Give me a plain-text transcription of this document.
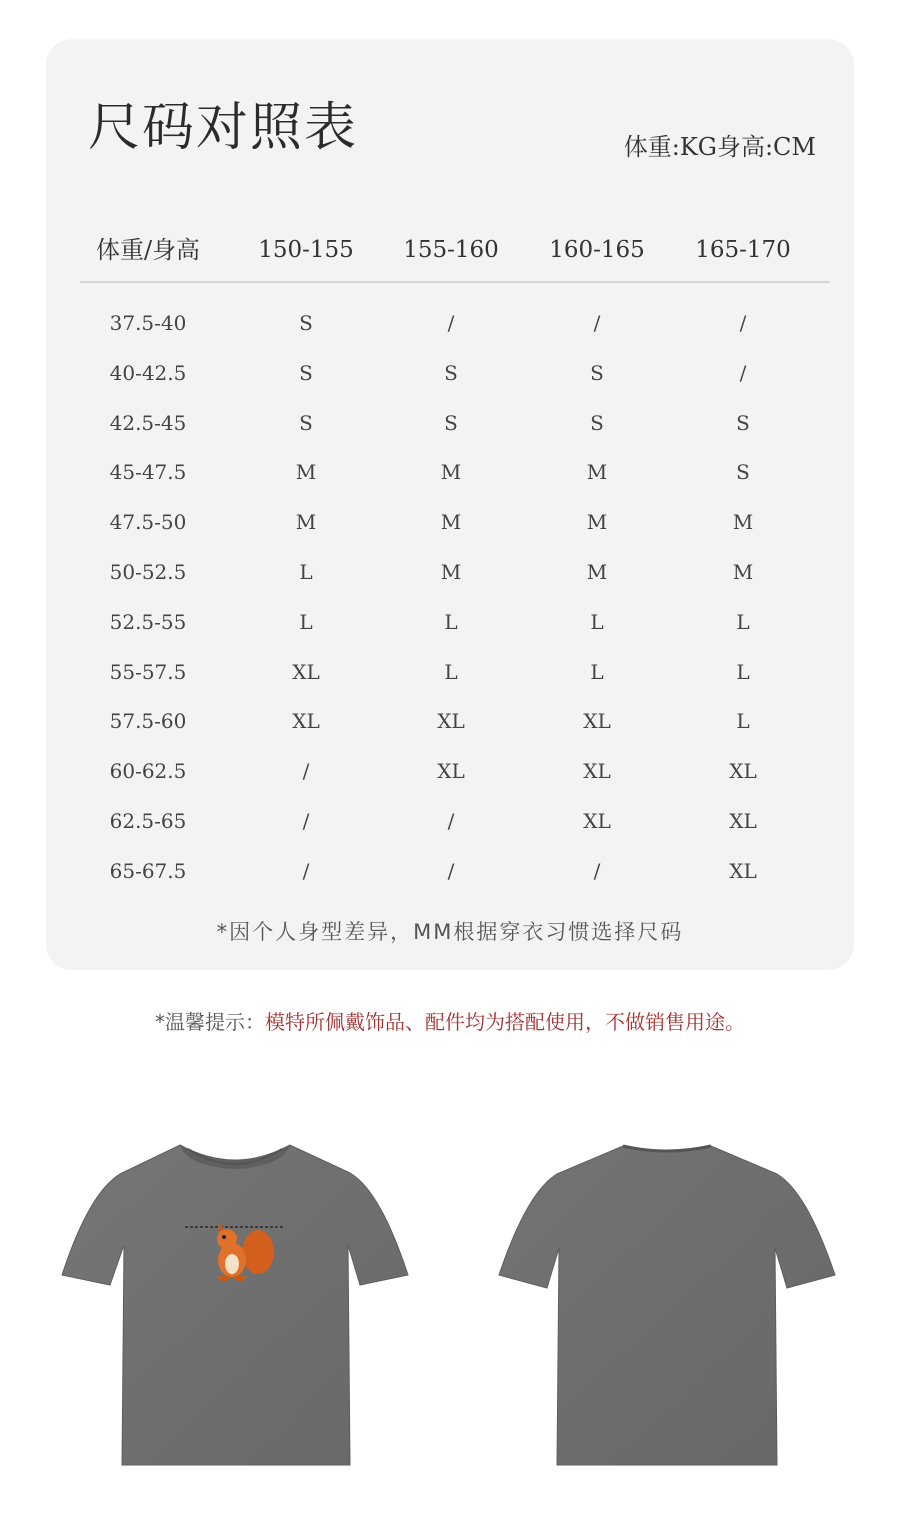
尺码对照表	体重:KG身高:CM
体重/身高	150-155 155-160 160-165 165-170
37.5-40	S	/	/	/
40-42.5	S	S	S	/
42.5-45	S	S	S	S
45-47.5	M	M	M	S
47.5-50	M	M	M	M
50-52.5	L	M	M	M
52.5-55	L	L	L	L
55-57.5	XL	L	L	L
57.5-60	XL	XL	XL	L
60-62.5	/	XL	XL	XL
62.5-65	/	/	XL	XL
65-67.5	/	/	/	XL
*因个人身型差异，MM根据穿衣习惯选择尺码
*温馨提示：模特所佩戴饰品、配件均为搭配使用，不做销售用途。
